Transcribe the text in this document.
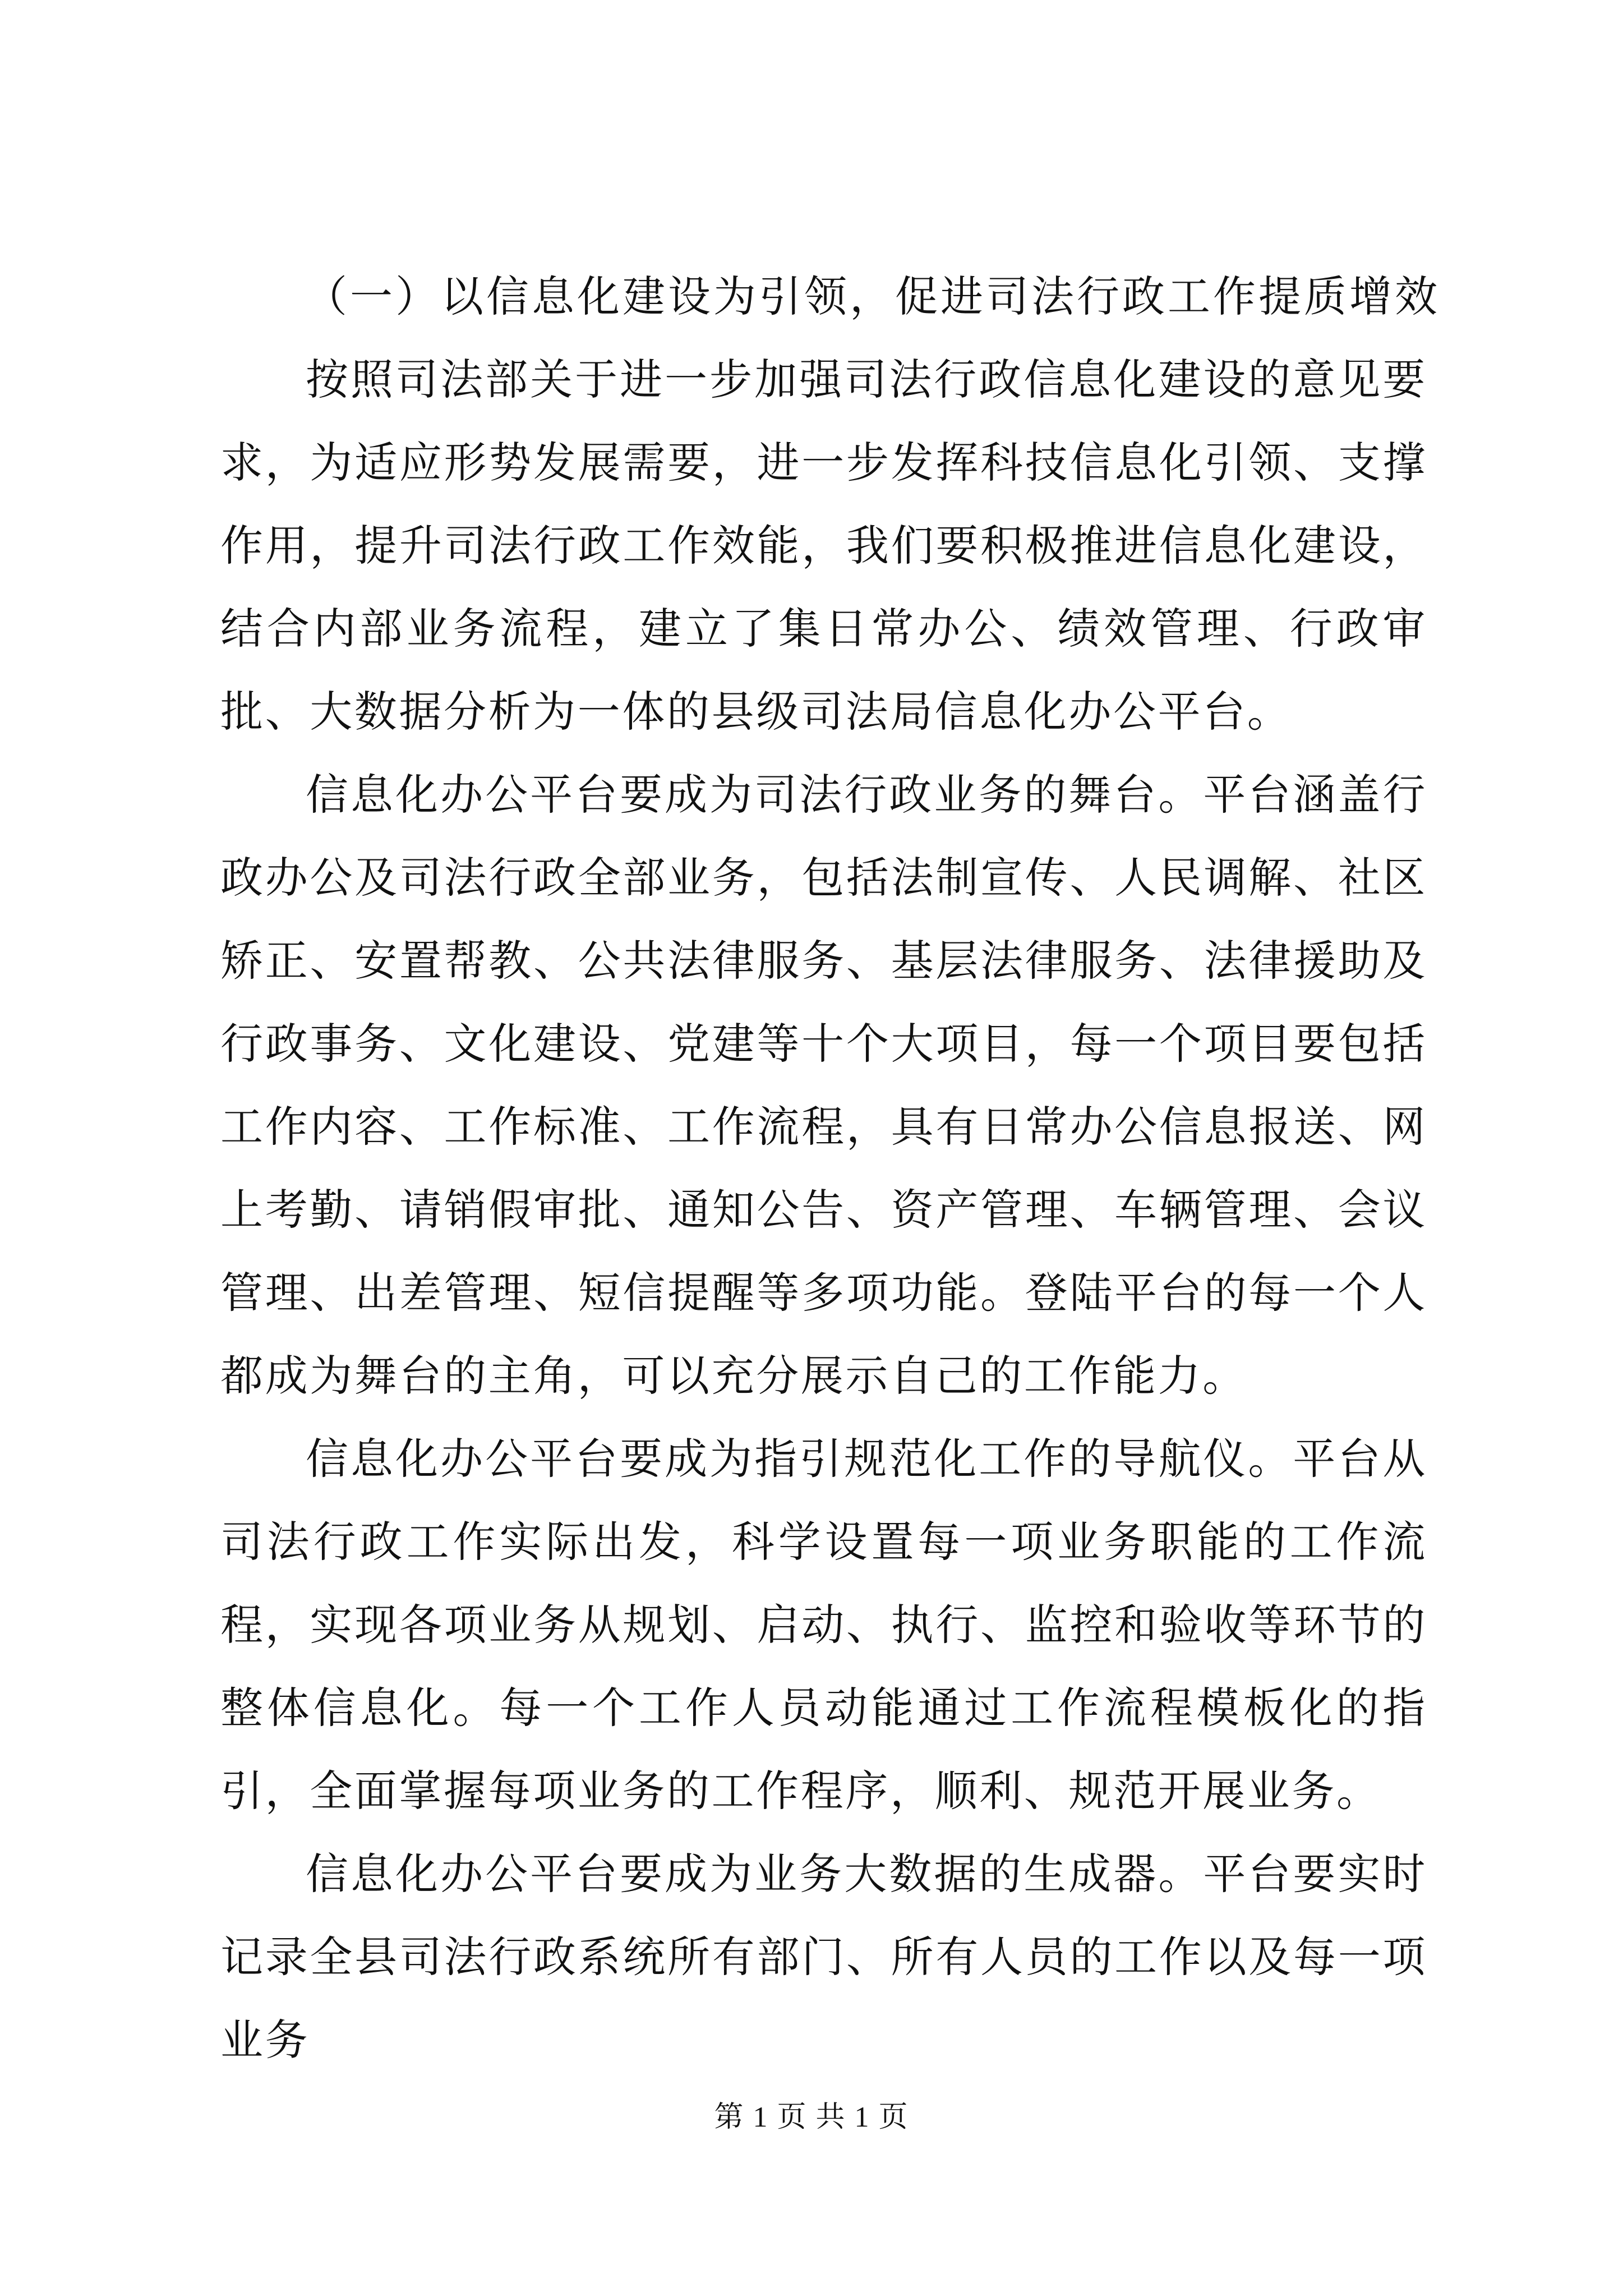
（一）以信息化建设为引领，促进司法行政工作提质增效

按照司法部关于进一步加强司法行政信息化建设的意见要求，为适应形势发展需要，进一步发挥科技信息化引领、支撑作用，提升司法行政工作效能，我们要积极推进信息化建设，结合内部业务流程，建立了集日常办公、绩效管理、行政审批、大数据分析为一体的县级司法局信息化办公平台。

信息化办公平台要成为司法行政业务的舞台。平台涵盖行政办公及司法行政全部业务，包括法制宣传、人民调解、社区矫正、安置帮教、公共法律服务、基层法律服务、法律援助及行政事务、文化建设、党建等十个大项目，每一个项目要包括工作内容、工作标准、工作流程，具有日常办公信息报送、网上考勤、请销假审批、通知公告、资产管理、车辆管理、会议管理、出差管理、短信提醒等多项功能。登陆平台的每一个人都成为舞台的主角，可以充分展示自己的工作能力。

信息化办公平台要成为指引规范化工作的导航仪。平台从司法行政工作实际出发，科学设置每一项业务职能的工作流程，实现各项业务从规划、启动、执行、监控和验收等环节的整体信息化。每一个工作人员动能通过工作流程模板化的指引，全面掌握每项业务的工作程序，顺利、规范开展业务。

信息化办公平台要成为业务大数据的生成器。平台要实时记录全县司法行政系统所有部门、所有人员的工作以及每一项业务

第 1 页 共 1 页
